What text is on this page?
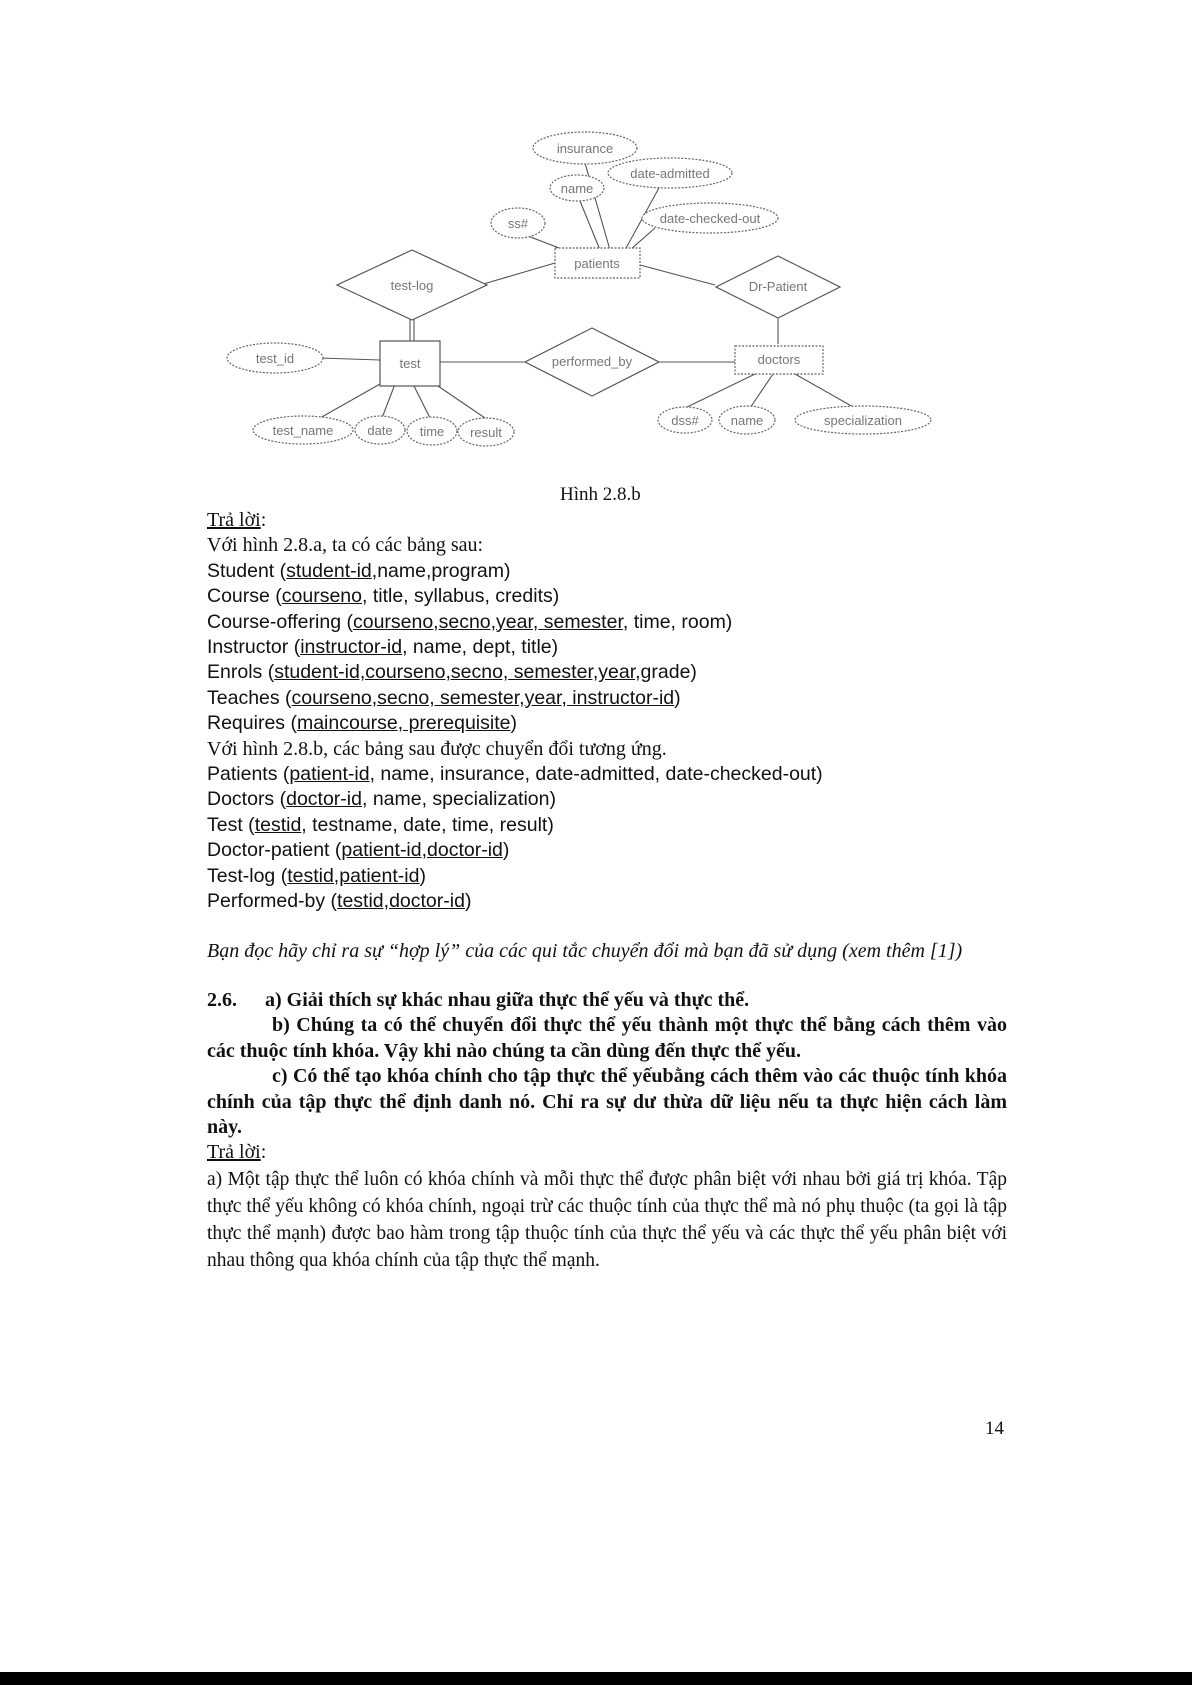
patients
insurance
date-admitted
name
ss#	date-checked-out
test-log	Dr-Patient
test	performed_by	doctors
test_id
test_name	date time result
dss# name	specialization
Hình 2.8.b
Trả lời:
Với hình 2.8.a, ta có các bảng sau:
Student (student-id,name,program)
Course (courseno, title, syllabus, credits)
Course-offering (courseno,secno,year, semester, time, room)
Instructor (instructor-id, name, dept, title)
Enrols (student-id,courseno,secno, semester,year,grade)
Teaches (courseno,secno, semester,year, instructor-id)
Requires (maincourse, prerequisite)
Với hình 2.8.b, các bảng sau được chuyển đổi tương ứng.
Patients (patient-id, name, insurance, date-admitted, date-checked-out)
Doctors (doctor-id, name, specialization)
Test (testid, testname, date, time, result)
Doctor-patient (patient-id,doctor-id)
Test-log (testid,patient-id)
Performed-by (testid,doctor-id)
Bạn đọc hãy chỉ ra sự “hợp lý” của các qui tắc chuyển đổi mà bạn đã sử dụng (xem thêm [1])
2.6. a) Giải thích sự khác nhau giữa thực thể yếu và thực thể.
b) Chúng ta có thể chuyển đổi thực thể yếu thành một thực thể bằng cách thêm vào các thuộc tính khóa. Vậy khi nào chúng ta cần dùng đến thực thể yếu.
c) Có thể tạo khóa chính cho tập thực thể yếubằng cách thêm vào các thuộc tính khóa chính của tập thực thể định danh nó. Chỉ ra sự dư thừa dữ liệu nếu ta thực hiện cách làm này.
Trả lời:
a) Một tập thực thể luôn có khóa chính và mỗi thực thể được phân biệt với nhau bởi giá trị khóa. Tập thực thể yếu không có khóa chính, ngoại trừ các thuộc tính của thực thể mà nó phụ thuộc (ta gọi là tập thực thể mạnh) được bao hàm trong tập thuộc tính của thực thể yếu và các thực thể yếu phân biệt với nhau thông qua khóa chính của tập thực thể mạnh.
14
